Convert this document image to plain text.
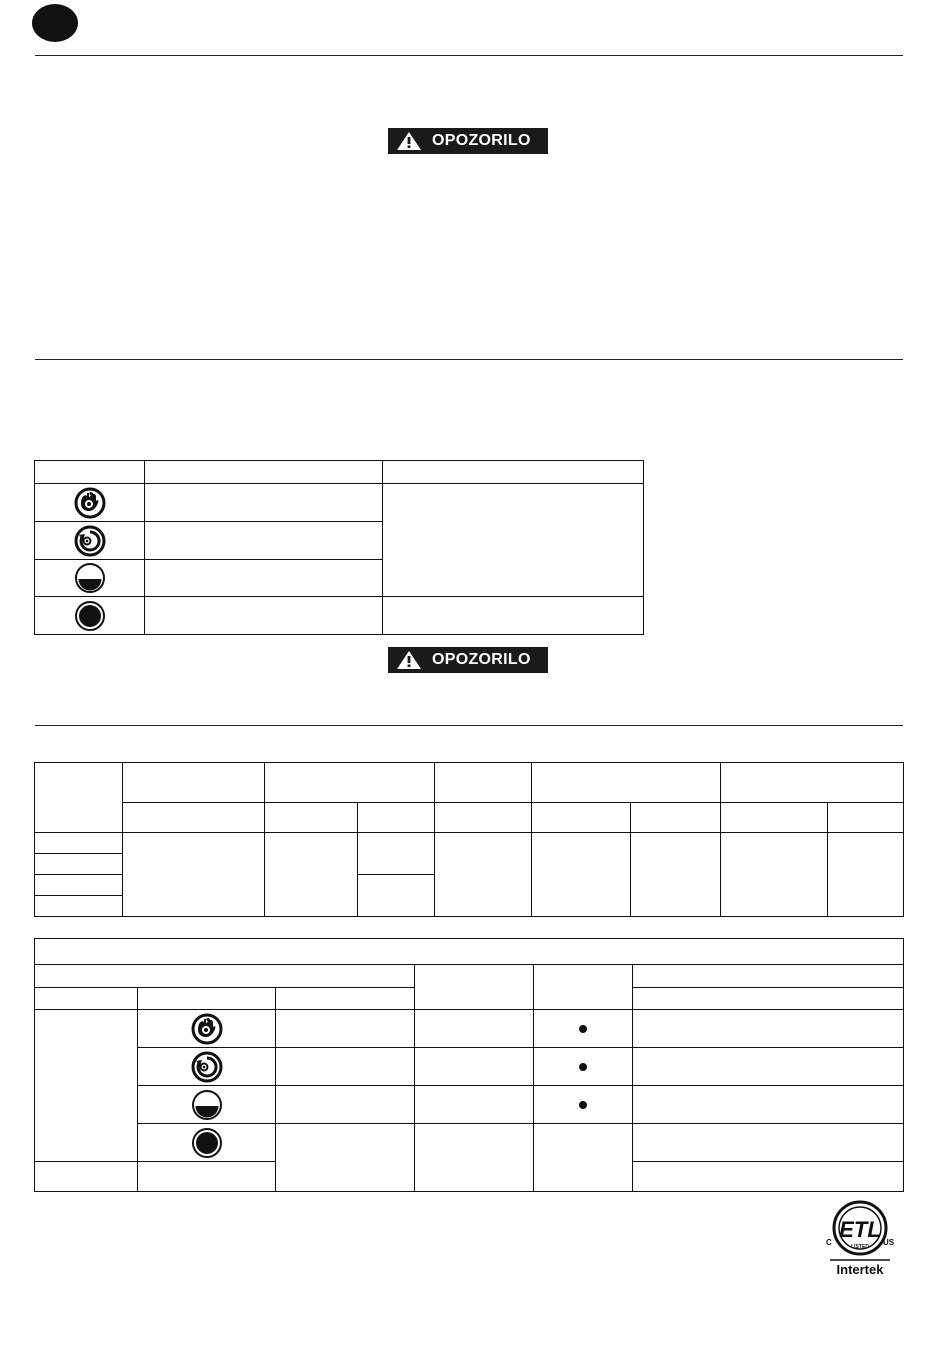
OPOZORILO

OPOZORILO

ETL
LISTED
C	US
Intertek
